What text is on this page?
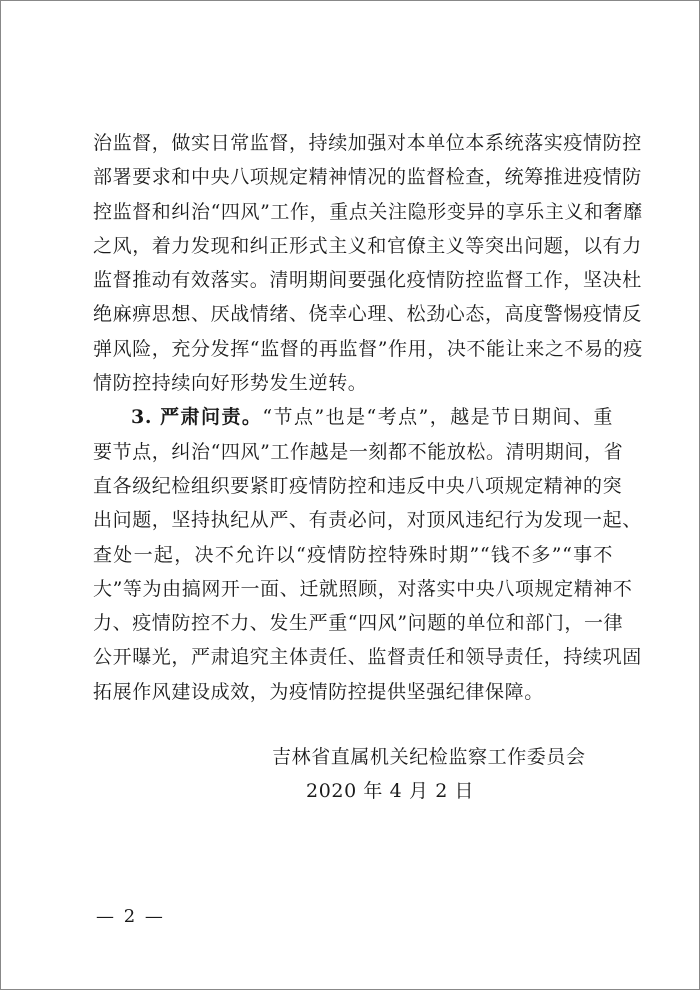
治监督，做实日常监督，持续加强对本单位本系统落实疫情防控
部署要求和中央八项规定精神情况的监督检查，统筹推进疫情防
控监督和纠治“四风”工作，重点关注隐形变异的享乐主义和奢靡
之风，着力发现和纠正形式主义和官僚主义等突出问题，以有力
监督推动有效落实。清明期间要强化疫情防控监督工作，坚决杜
绝麻痹思想、厌战情绪、侥幸心理、松劲心态，高度警惕疫情反
弹风险，充分发挥“监督的再监督”作用，决不能让来之不易的疫
情防控持续向好形势发生逆转。
3. 严肃问责。“节点”也是“考点”，越是节日期间、重
要节点，纠治“四风”工作越是一刻都不能放松。清明期间，省
直各级纪检组织要紧盯疫情防控和违反中央八项规定精神的突
出问题，坚持执纪从严、有责必问，对顶风违纪行为发现一起、
查处一起，决不允许以“疫情防控特殊时期”“钱不多”“事不
大”等为由搞网开一面、迁就照顾，对落实中央八项规定精神不
力、疫情防控不力、发生严重“四风”问题的单位和部门，一律
公开曝光，严肃追究主体责任、监督责任和领导责任，持续巩固
拓展作风建设成效，为疫情防控提供坚强纪律保障。
吉林省直属机关纪检监察工作委员会
2020 年 4 月 2 日
— 2 —
